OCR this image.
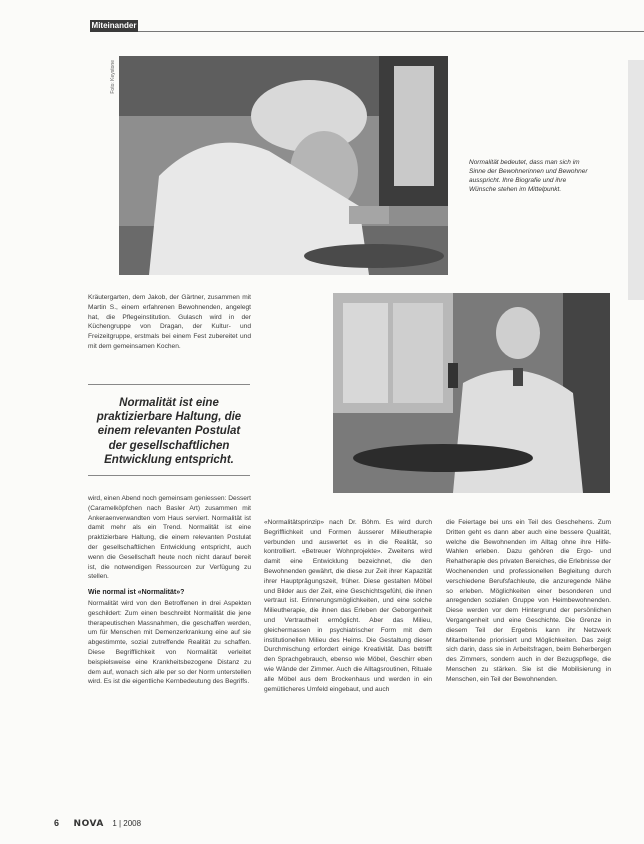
Miteinander
Foto: Keystone
Normalität bedeutet, dass man sich im Sinne der Bewohnerinnen und Bewohner ausspricht. Ihre Biografie und ihre Wünsche stehen im Mittelpunkt.
Kräutergarten, dem Jakob, der Gärtner, zusammen mit Martin S., einem erfahrenen Bewohnenden, angelegt hat, die Pflegeinstitution. Gulasch wird in der Küchengruppe von Dragan, der Kultur- und Freizeitgruppe, erstmals bei einem Fest zubereitet und mit dem gemeinsamen Kochen.
Normalität ist eine praktizierbare Haltung, die einem relevanten Postulat der gesellschaftlichen Entwicklung entspricht.
wird, einen Abend noch gemeinsam geniessen: Dessert (Caramelköpfchen nach Basler Art) zusammen mit Ankeraenverwandten vom Haus serviert. Normalität ist damit mehr als ein Trend. Normalität ist eine praktizierbare Haltung, die einem relevanten Postulat der gesellschaftlichen Entwicklung entspricht, auch wenn die Gesellschaft heute noch nicht darauf bereit ist, die notwendigen Ressourcen zur Verfügung zu stellen.
Wie normal ist «Normalität»?
Normalität wird von den Betroffenen in drei Aspekten geschildert: Zum einen beschreibt Normalität die jene therapeutischen Massnahmen, die geschaffen werden, um für Menschen mit Demenzerkrankung eine auf sie abgestimmte, sozial zutreffende Realität zu schaffen. Diese Begrifflichkeit von Normalität verleitet beispielsweise eine Krankheitsbezogene Distanz zu dem auf, wonach sich alle per so der Norm unterstellen wird. Es ist die eigentliche Kernbedeutung des Begriffs.
«Normalitätsprinzip» nach Dr. Böhm. Es wird durch Begrifflichkeit und Formen äusserer Milieutherapie verbunden und auswertet es in die Realität, so kontrolliert. «Betreuer Wohnprojekte». Zweitens wird damit eine Entwicklung bezeichnet, die den Bewohnenden gewährt, die diese zur Zeit ihrer Kapazität ihrer Hauptprägungszeit, früher. Diese gestalten Möbel und Bilder aus der Zeit, eine Geschichtsgefühl, die ihnen vertraut ist. Erinnerungsmöglichkeiten, und eine solche Milieutherapie, die ihnen das Erleben der Geborgenheit und Vertrautheit ermöglicht. Aber das Milieu, gleichermassen in psychiatrischer Form mit dem institutionellen Milieu des Heims. Die Gestaltung dieser Durchmischung erfordert einige Kreativität. Das betrifft den Sprachgebrauch, ebenso wie Möbel, Geschirr eben wie Wände der Zimmer. Auch die Alltagsroutinen, Rituale alle Möbel aus dem Brockenhaus und werden in ein gemütlicheres Umfeld eingebaut, und auch
die Feiertage bei uns ein Teil des Geschehens. Zum Dritten geht es dann aber auch eine bessere Qualität, welche die Bewohnenden im Alltag ohne ihre Hilfe-Wahlen erleben. Dazu gehören die Ergo- und Rehatherapie des privaten Bereiches, die Erlebnisse der Wochenenden und professionellen Begleitung durch verschiedene Berufsfachleute, die anzuregende Nähe so erleben. Möglichkeiten einer besonderen und anregenden sozialen Gruppe von Heimbewohnenden. Diese werden vor dem Hintergrund der persönlichen Vergangenheit und eine Geschichte. Die Grenze in diesem Teil der Ergebnis kann ihr Netzwerk Mitarbeitende priorisiert und Möglichkeiten. Das zeigt sich darin, dass sie in Arbeitsfragen, beim Beherbergen des Zimmers, sondern auch in der Bezugspflege, die Menschen zu stärken. Sie ist die Mobilisierung in Menschen, ein Teil der Bewohnenden.
6 NOVA 1 | 2008
